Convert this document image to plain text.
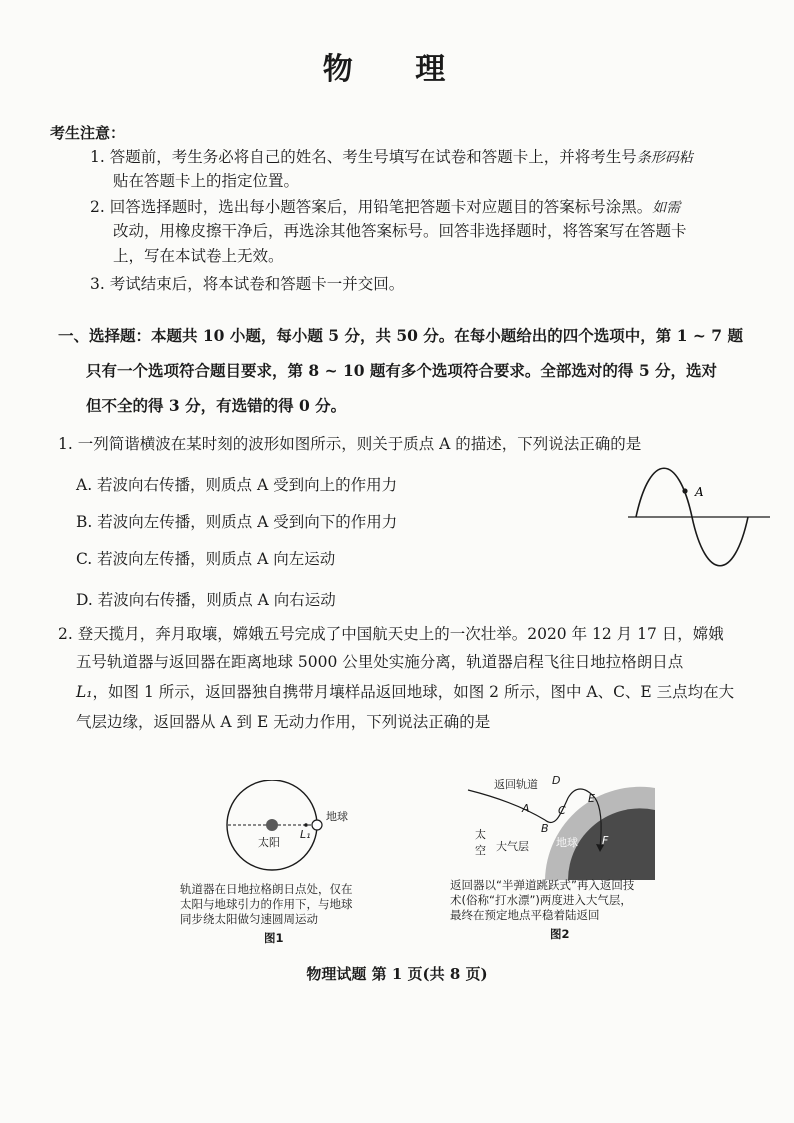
物 理
考生注意：
1. 答题前，考生务必将自己的姓名、考生号填写在试卷和答题卡上，并将考生号条形码粘
贴在答题卡上的指定位置。
2. 回答选择题时，选出每小题答案后，用铅笔把答题卡对应题目的答案标号涂黑。如需
改动，用橡皮擦干净后，再选涂其他答案标号。回答非选择题时，将答案写在答题卡
上，写在本试卷上无效。
3. 考试结束后，将本试卷和答题卡一并交回。
一、选择题：本题共 10 小题，每小题 5 分，共 50 分。在每小题给出的四个选项中，第 1 ~ 7 题
只有一个选项符合题目要求，第 8 ~ 10 题有多个选项符合要求。全部选对的得 5 分，选对
但不全的得 3 分，有选错的得 0 分。
1. 一列简谐横波在某时刻的波形如图所示，则关于质点 A 的描述，下列说法正确的是
A. 若波向右传播，则质点 A 受到向上的作用力
B. 若波向左传播，则质点 A 受到向下的作用力
C. 若波向左传播，则质点 A 向左运动
D. 若波向右传播，则质点 A 向右运动
A
2. 登天揽月，奔月取壤，嫦娥五号完成了中国航天史上的一次壮举。2020 年 12 月 17 日，嫦娥
五号轨道器与返回器在距离地球 5000 公里处实施分离，轨道器启程飞往日地拉格朗日点
L₁，如图 1 所示，返回器独自携带月壤样品返回地球，如图 2 所示，图中 A、C、E 三点均在大
气层边缘，返回器从 A 到 E 无动力作用，下列说法正确的是
太阳
地球
L₁
轨道器在日地拉格朗日点处，仅在
太阳与地球引力的作用下，与地球
同步绕太阳做匀速圆周运动
图1
返回轨道
A
B
C
D
E
F
太
空 大气层 地球
返回器以“半弹道跳跃式”再入返回技
术(俗称“打水漂”)两度进入大气层，
最终在预定地点平稳着陆返回
图2
物理试题 第 1 页(共 8 页)
